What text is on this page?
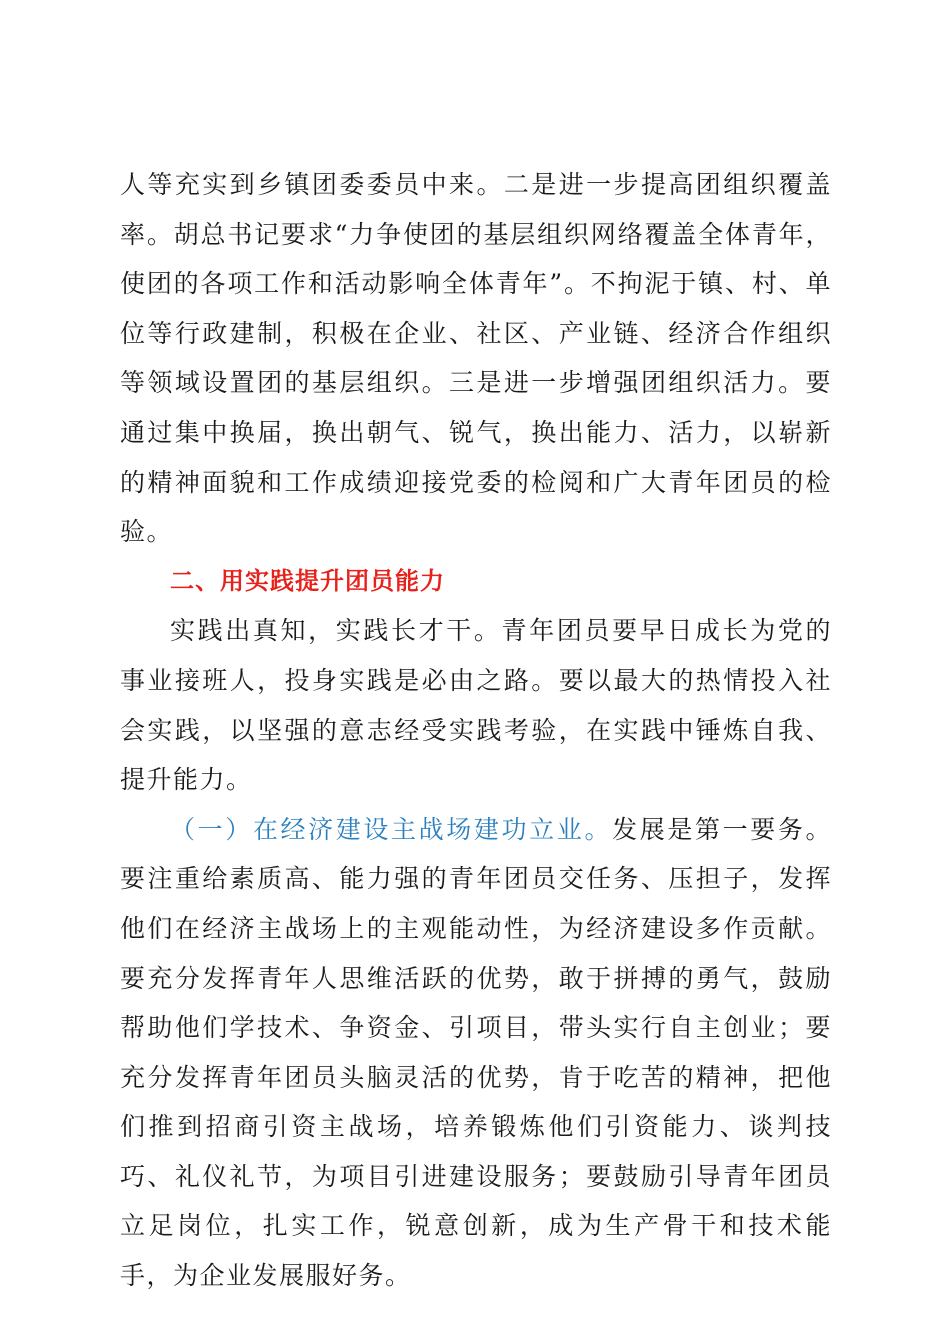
人等充实到乡镇团委委员中来。二是进一步提高团组织覆盖率。胡总书记要求“力争使团的基层组织网络覆盖全体青年，使团的各项工作和活动影响全体青年”。不拘泥于镇、村、单位等行政建制，积极在企业、社区、产业链、经济合作组织等领域设置团的基层组织。三是进一步增强团组织活力。要通过集中换届，换出朝气、锐气，换出能力、活力，以崭新的精神面貌和工作成绩迎接党委的检阅和广大青年团员的检验。

二、用实践提升团员能力

实践出真知，实践长才干。青年团员要早日成长为党的事业接班人，投身实践是必由之路。要以最大的热情投入社会实践，以坚强的意志经受实践考验，在实践中锤炼自我、提升能力。

（一）在经济建设主战场建功立业。发展是第一要务。要注重给素质高、能力强的青年团员交任务、压担子，发挥他们在经济主战场上的主观能动性，为经济建设多作贡献。要充分发挥青年人思维活跃的优势，敢于拼搏的勇气，鼓励帮助他们学技术、争资金、引项目，带头实行自主创业；要充分发挥青年团员头脑灵活的优势，肯于吃苦的精神，把他们推到招商引资主战场，培养锻炼他们引资能力、谈判技巧、礼仪礼节，为项目引进建设服务；要鼓励引导青年团员立足岗位，扎实工作，锐意创新，成为生产骨干和技术能手，为企业发展服好务。
